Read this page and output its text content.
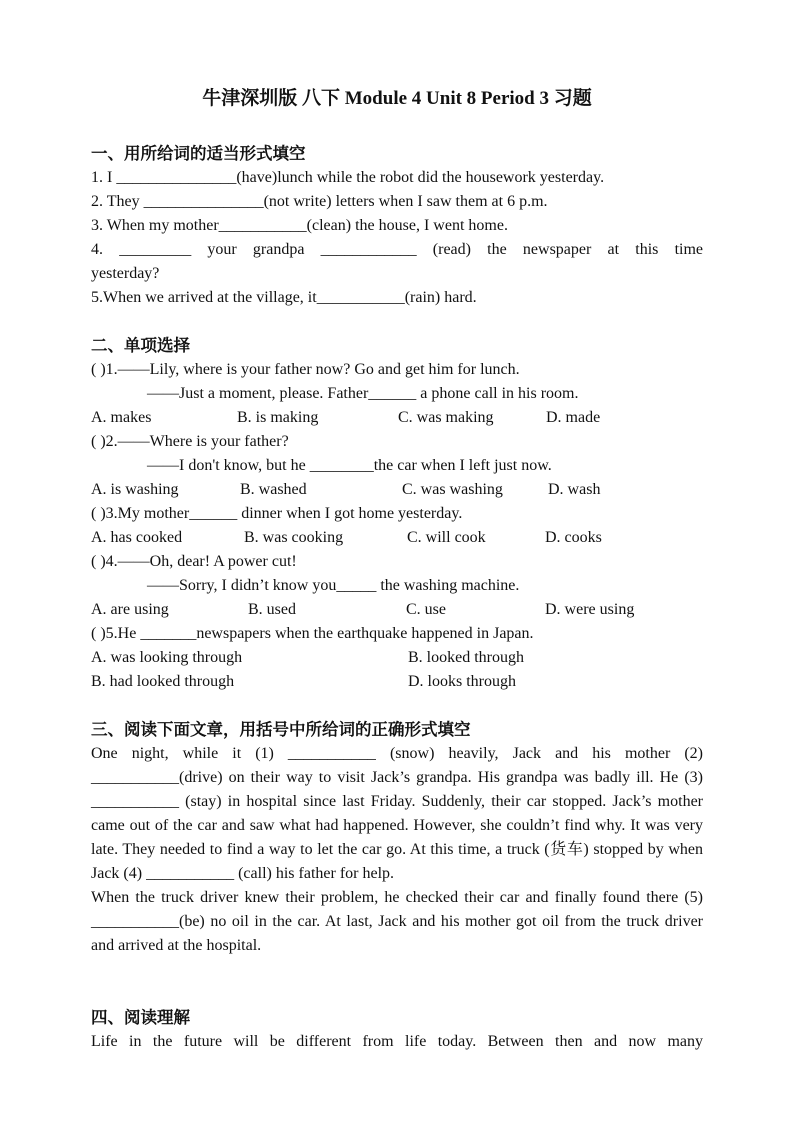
牛津深圳版 八下 Module 4 Unit 8 Period 3 习题
一、用所给词的适当形式填空
1. I _______________(have)lunch while the robot did the housework yesterday.
2. They _______________(not write) letters when I saw them at 6 p.m.
3. When my mother___________(clean) the house, I went home.
4. _________ your grandpa ____________ (read) the newspaper at this time
yesterday?
5.When we arrived at the village, it___________(rain) hard.
二、单项选择
( )1.——Lily, where is your father now? Go and get him for lunch.
——Just a moment, please. Father______ a phone call in his room.
A. makes	B. is making	C. was making	D. made
( )2.——Where is your father?
——I don't know, but he ________the car when I left just now.
A. is washing	B. washed	C. was washing	D. wash
( )3.My mother______ dinner when I got home yesterday.
A. has cooked	B. was cooking	C. will cook	D. cooks
( )4.——Oh, dear! A power cut!
——Sorry, I didn’t know you_____ the washing machine.
A. are using	B. used	C. use	D. were using
( )5.He _______newspapers when the earthquake happened in Japan.
A. was looking through	B. looked through
B. had looked through	D. looks through
三、阅读下面文章，用括号中所给词的正确形式填空

One night, while it (1) ___________ (snow) heavily, Jack and his mother (2) ___________(drive) on their way to visit Jack’s grandpa. His grandpa was badly ill. He (3) ___________ (stay) in hospital since last Friday. Suddenly, their car stopped. Jack’s mother came out of the car and saw what had happened. However, she couldn’t find why. It was very late. They needed to find a way to let the car go. At this time, a truck (货车) stopped by when Jack (4) ___________ (call) his father for help.

When the truck driver knew their problem, he checked their car and finally found there (5) ___________(be) no oil in the car. At last, Jack and his mother got oil from the truck driver and arrived at the hospital.

四、阅读理解
Life in the future will be different from life today. Between then and now many
